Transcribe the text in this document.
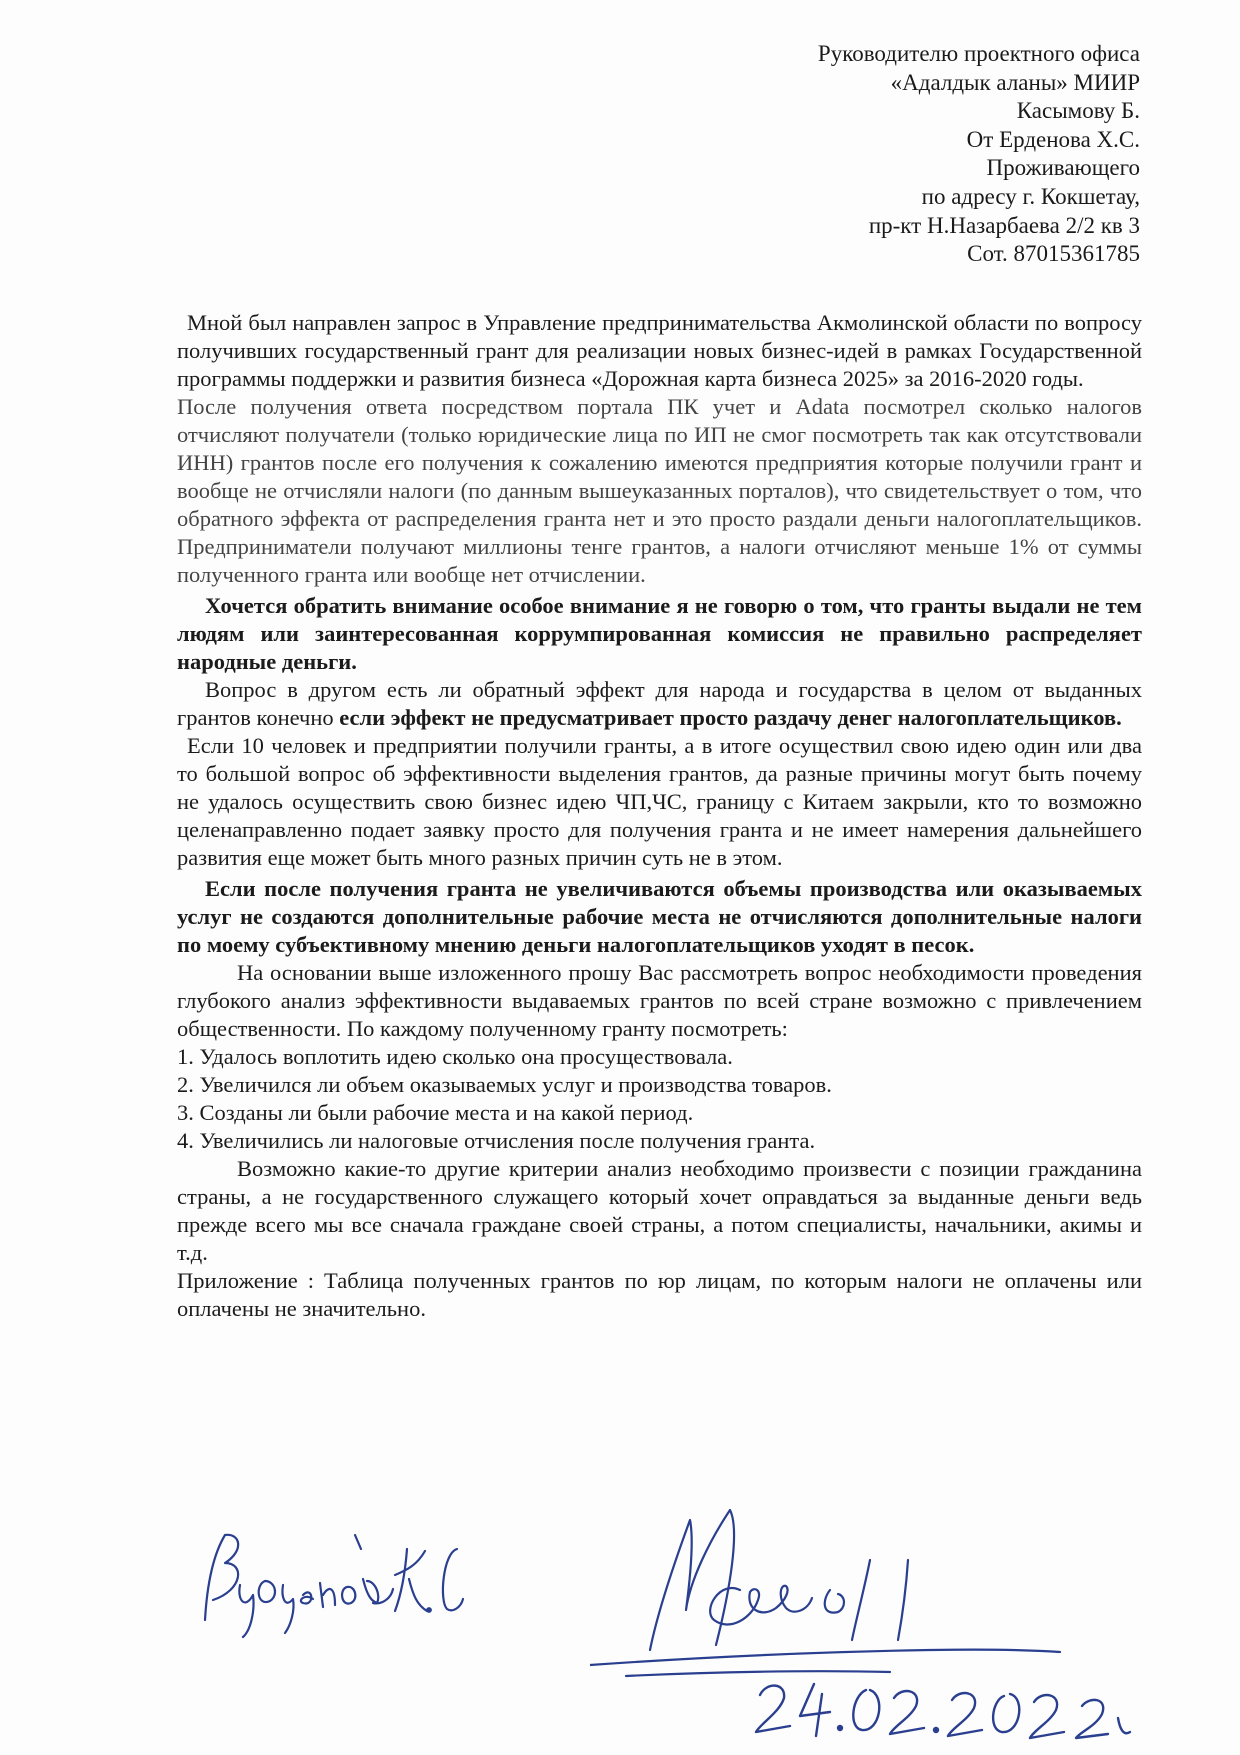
Руководителю проектного офиса
«Адалдык аланы» МИИР
Касымову Б.
От Ерденова Х.С.
Проживающего
по адресу г. Кокшетау,
пр-кт Н.Назарбаева 2/2 кв 3
Сот. 87015361785

Мной был направлен запрос в Управление предпринимательства Акмолинской области по вопросу получивших государственный грант для реализации новых бизнес-идей в рамках Государственной программы поддержки и развития бизнеса «Дорожная карта бизнеса 2025» за 2016-2020 годы.

После получения ответа посредством портала ПК учет и Adata посмотрел сколько налогов отчисляют получатели (только юридические лица по ИП не смог посмотреть так как отсутствовали ИНН) грантов после его получения к сожалению имеются предприятия которые получили грант и вообще не отчисляли налоги (по данным вышеуказанных порталов), что свидетельствует о том, что обратного эффекта от распределения гранта нет и это просто раздали деньги налогоплательщиков. Предприниматели получают миллионы тенге грантов, а налоги отчисляют меньше 1% от суммы полученного гранта или вообще нет отчислении.

Хочется обратить внимание особое внимание я не говорю о том, что гранты выдали не тем людям или заинтересованная коррумпированная комиссия не правильно распределяет народные деньги.

Вопрос в другом есть ли обратный эффект для народа и государства в целом от выданных грантов конечно если эффект не предусматривает просто раздачу денег налогоплательщиков.

Если 10 человек и предприятии получили гранты, а в итоге осуществил свою идею один или два то большой вопрос об эффективности выделения грантов, да разные причины могут быть почему не удалось осуществить свою бизнес идею ЧП,ЧС, границу с Китаем закрыли, кто то возможно целенаправленно подает заявку просто для получения гранта и не имеет намерения дальнейшего развития еще может быть много разных причин суть не в этом.

Если после получения гранта не увеличиваются объемы производства или оказываемых услуг не создаются дополнительные рабочие места не отчисляются дополнительные налоги по моему субъективному мнению деньги налогоплательщиков уходят в песок.

На основании выше изложенного прошу Вас рассмотреть вопрос необходимости проведения глубокого анализ эффективности выдаваемых грантов по всей стране возможно с привлечением общественности. По каждому полученному гранту посмотреть:

1. Удалось воплотить идею сколько она просуществовала.

2. Увеличился ли объем оказываемых услуг и производства товаров.

3. Созданы ли были рабочие места и на какой период.

4. Увеличились ли налоговые отчисления после получения гранта.

Возможно какие-то другие критерии анализ необходимо произвести с позиции гражданина страны, а не государственного служащего который хочет оправдаться за выданные деньги ведь прежде всего мы все сначала граждане своей страны, а потом специалисты, начальники, акимы и т.д.

Приложение : Таблица полученных грантов по юр лицам, по которым налоги не оплачены или оплачены не значительно.
